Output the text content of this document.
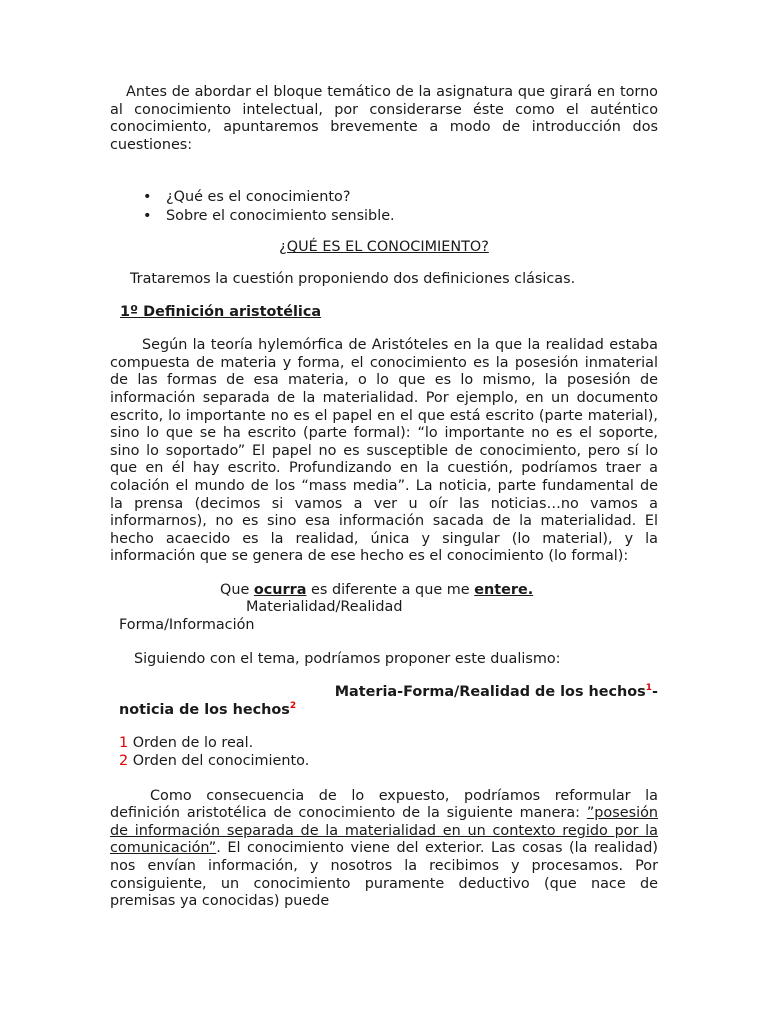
Antes de abordar el bloque temático de la asignatura que girará en torno al conocimiento intelectual, por considerarse éste como el auténtico conocimiento, apuntaremos brevemente a modo de introducción dos cuestiones:

• ¿Qué es el conocimiento?
• Sobre el conocimiento sensible.

¿QUÉ ES EL CONOCIMIENTO?

Trataremos la cuestión proponiendo dos definiciones clásicas.

1º Definición aristotélica

Según la teoría hylemórfica de Aristóteles en la que la realidad estaba compuesta de materia y forma, el conocimiento es la posesión inmaterial de las formas de esa materia, o lo que es lo mismo, la posesión de información separada de la materialidad. Por ejemplo, en un documento escrito, lo importante no es el papel en el que está escrito (parte material), sino lo que se ha escrito (parte formal): “lo importante no es el soporte, sino lo soportado” El papel no es susceptible de conocimiento, pero sí lo que en él hay escrito. Profundizando en la cuestión, podríamos traer a colación el mundo de los “mass media”. La noticia, parte fundamental de la prensa (decimos si vamos a ver u oír las noticias…no vamos a informarnos), no es sino esa información sacada de la materialidad. El hecho acaecido es la realidad, única y singular (lo material), y la información que se genera de ese hecho es el conocimiento (lo formal):

Que ocurra es diferente a que me entere.

Materialidad/Realidad

Forma/Información

Siguiendo con el tema, podríamos proponer este dualismo:

Materia-Forma/Realidad de los hechos$^1$-

noticia de los hechos$^2$

1 Orden de lo real.

2 Orden del conocimiento.

Como consecuencia de lo expuesto, podríamos reformular la definición aristotélica de conocimiento de la siguiente manera: ”posesión de información separada de la materialidad en un contexto regido por la comunicación”. El conocimiento viene del exterior. Las cosas (la realidad) nos envían información, y nosotros la recibimos y procesamos. Por consiguiente, un conocimiento puramente deductivo (que nace de premisas ya conocidas) puede
